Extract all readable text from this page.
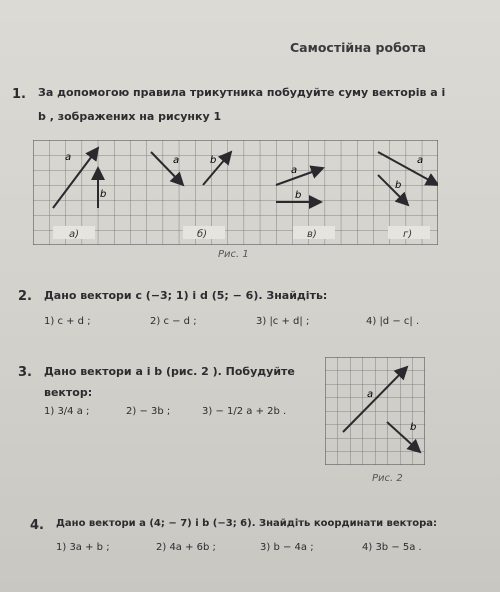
Самостійна робота
1. За допомогою правила трикутника побудуйте суму векторів a і
b , зображених на рисунку 1
а)	б)	в)	г)
a
b
a	b
a
b
a
b
Рис. 1
2. Дано вектори c (−3; 1) і d (5; − 6). Знайдіть:
1) c + d ;	2) c − d ;	3) |c + d| ;	4) |d − c| .
3. Дано вектори a і b (рис. 2 ). Побудуйте
вектор:
1) 3/4 a ;	2) − 3b ;	3) − 1/2 a + 2b .
a
b
Рис. 2
4. Дано вектори a (4; − 7) і b (−3; 6). Знайдіть координати вектора:
1) 3a + b ;	2) 4a + 6b ;	3) b − 4a ;	4) 3b − 5a .
